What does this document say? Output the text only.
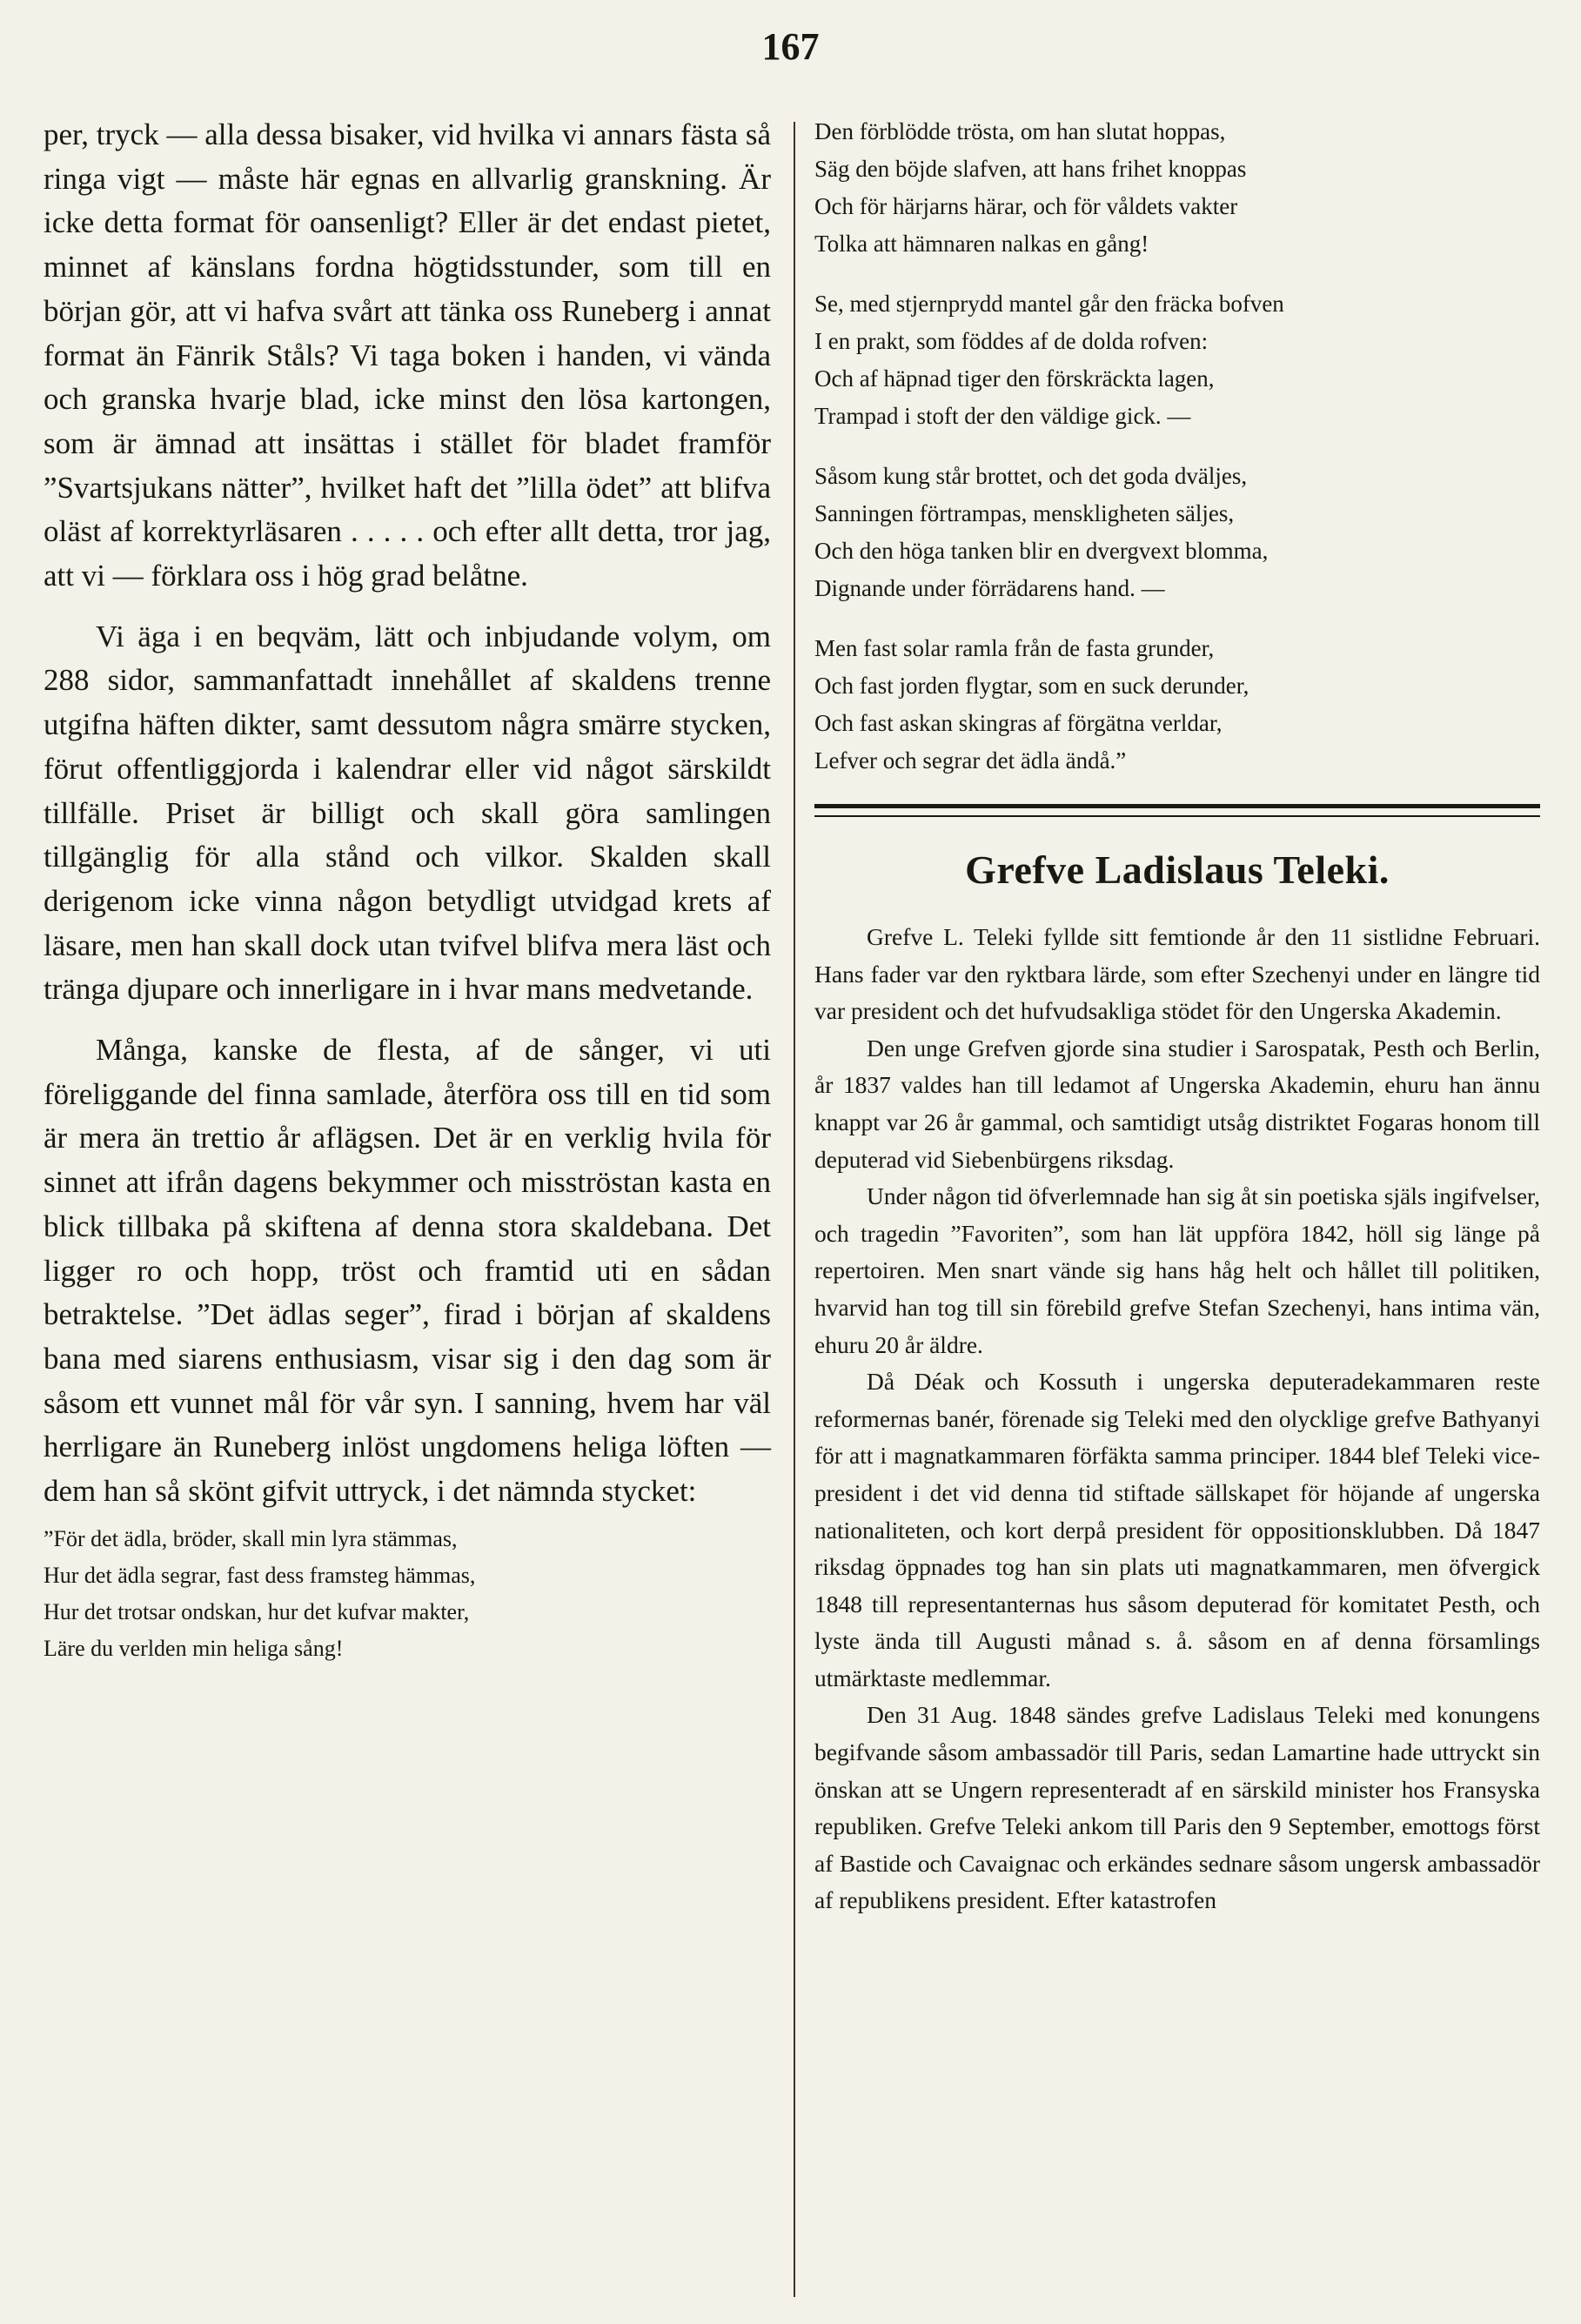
167

per, tryck — alla dessa bisaker, vid hvilka vi annars fästa så ringa vigt — måste här egnas en allvarlig granskning. Är icke detta format för oansenligt? Eller är det endast pietet, minnet af känslans fordna högtidsstunder, som till en början gör, att vi hafva svårt att tänka oss Runeberg i annat format än Fänrik Ståls? Vi taga boken i handen, vi vända och granska hvarje blad, icke minst den lösa kartongen, som är ämnad att insättas i stället för bladet framför ”Svartsjukans nätter”, hvilket haft det ”lilla ödet” att blifva oläst af korrektyrläsaren . . . . . och efter allt detta, tror jag, att vi — förklara oss i hög grad belåtne.

Vi äga i en beqväm, lätt och inbjudande volym, om 288 sidor, sammanfattadt innehållet af skaldens trenne utgifna häften dikter, samt dessutom några smärre stycken, förut offentliggjorda i kalendrar eller vid något särskildt tillfälle. Priset är billigt och skall göra samlingen tillgänglig för alla stånd och vilkor. Skalden skall derigenom icke vinna någon betydligt utvidgad krets af läsare, men han skall dock utan tvifvel blifva mera läst och tränga djupare och innerligare in i hvar mans medvetande.

Många, kanske de flesta, af de sånger, vi uti föreliggande del finna samlade, återföra oss till en tid som är mera än trettio år aflägsen. Det är en verklig hvila för sinnet att ifrån dagens bekymmer och misströstan kasta en blick tillbaka på skiftena af denna stora skaldebana. Det ligger ro och hopp, tröst och framtid uti en sådan betraktelse. ”Det ädlas seger”, firad i början af skaldens bana med siarens enthusiasm, visar sig i den dag som är såsom ett vunnet mål för vår syn. I sanning, hvem har väl herrligare än Runeberg inlöst ungdomens heliga löften — dem han så skönt gifvit uttryck, i det nämnda stycket:

”För det ädla, bröder, skall min lyra stämmas,
Hur det ädla segrar, fast dess framsteg hämmas,
Hur det trotsar ondskan, hur det kufvar makter,
Läre du verlden min heliga sång!
Den förblödde trösta, om han slutat hoppas,
Säg den böjde slafven, att hans frihet knoppas
Och för härjarns härar, och för våldets vakter
Tolka att hämnaren nalkas en gång!
Se, med stjernprydd mantel går den fräcka bofven
I en prakt, som föddes af de dolda rofven:
Och af häpnad tiger den förskräckta lagen,
Trampad i stoft der den väldige gick. —
Såsom kung står brottet, och det goda dväljes,
Sanningen förtrampas, menskligheten säljes,
Och den höga tanken blir en dvergvext blomma,
Dignande under förrädarens hand. —
Men fast solar ramla från de fasta grunder,
Och fast jorden flygtar, som en suck derunder,
Och fast askan skingras af förgätna verldar,
Lefver och segrar det ädla ändå.”
Grefve Ladislaus Teleki.

Grefve L. Teleki fyllde sitt femtionde år den 11 sistlidne Februari. Hans fader var den ryktbara lärde, som efter Szechenyi under en längre tid var president och det hufvudsakliga stödet för den Ungerska Akademin.

Den unge Grefven gjorde sina studier i Sarospatak, Pesth och Berlin, år 1837 valdes han till ledamot af Ungerska Akademin, ehuru han ännu knappt var 26 år gammal, och samtidigt utsåg distriktet Fogaras honom till deputerad vid Siebenbürgens riksdag.

Under någon tid öfverlemnade han sig åt sin poetiska själs ingifvelser, och tragedin ”Favoriten”, som han lät uppföra 1842, höll sig länge på repertoiren. Men snart vände sig hans håg helt och hållet till politiken, hvarvid han tog till sin förebild grefve Stefan Szechenyi, hans intima vän, ehuru 20 år äldre.

Då Déak och Kossuth i ungerska deputeradekammaren reste reformernas banér, förenade sig Teleki med den olycklige grefve Bathyanyi för att i magnatkammaren förfäkta samma principer. 1844 blef Teleki vice-president i det vid denna tid stiftade sällskapet för höjande af ungerska nationaliteten, och kort derpå president för oppositionsklubben. Då 1847 riksdag öppnades tog han sin plats uti magnatkammaren, men öfvergick 1848 till representanternas hus såsom deputerad för komitatet Pesth, och lyste ända till Augusti månad s. å. såsom en af denna församlings utmärktaste medlemmar.

Den 31 Aug. 1848 sändes grefve Ladislaus Teleki med konungens begifvande såsom ambassadör till Paris, sedan Lamartine hade uttryckt sin önskan att se Ungern representeradt af en särskild minister hos Fransyska republiken. Grefve Teleki ankom till Paris den 9 September, emottogs först af Bastide och Cavaignac och erkändes sednare såsom ungersk ambassadör af republikens president. Efter katastrofen
